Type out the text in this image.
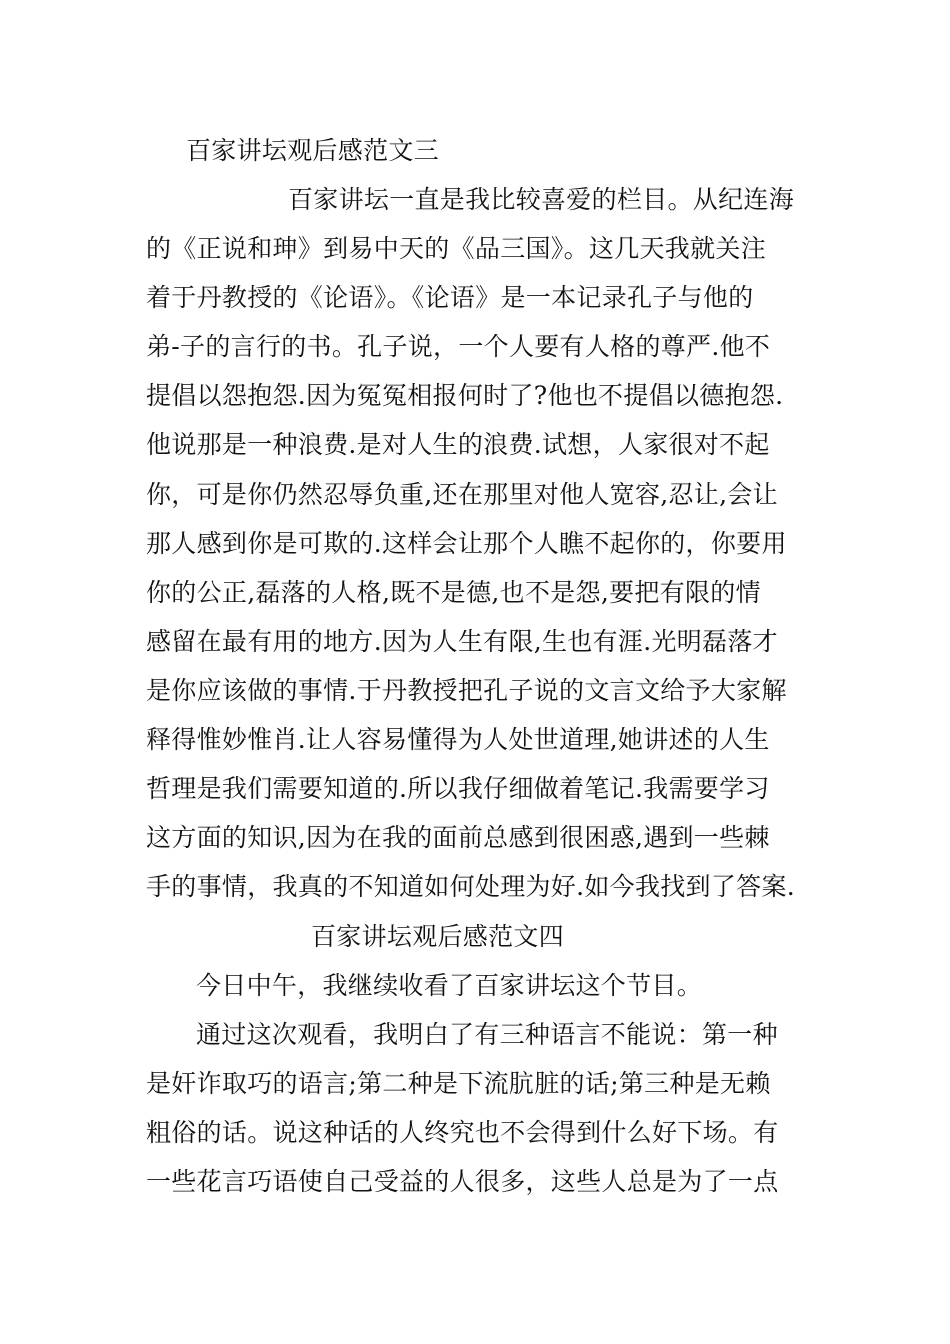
百家讲坛观后感范文三
百家讲坛一直是我比较喜爱的栏目。从纪连海
的《正说和珅》到易中天的《品三国》。这几天我就关注
着于丹教授的《论语》。《论语》是一本记录孔子与他的
弟-子的言行的书。孔子说，一个人要有人格的尊严.他不
提倡以怨抱怨.因为冤冤相报何时了?他也不提倡以德抱怨.
他说那是一种浪费.是对人生的浪费.试想，人家很对不起
你，可是你仍然忍辱负重,还在那里对他人宽容,忍让,会让
那人感到你是可欺的.这样会让那个人瞧不起你的，你要用
你的公正,磊落的人格,既不是德,也不是怨,要把有限的情
感留在最有用的地方.因为人生有限,生也有涯.光明磊落才
是你应该做的事情.于丹教授把孔子说的文言文给予大家解
释得惟妙惟肖.让人容易懂得为人处世道理,她讲述的人生
哲理是我们需要知道的.所以我仔细做着笔记.我需要学习
这方面的知识,因为在我的面前总感到很困惑,遇到一些棘
手的事情，我真的不知道如何处理为好.如今我找到了答案.
百家讲坛观后感范文四
今日中午，我继续收看了百家讲坛这个节目。
通过这次观看，我明白了有三种语言不能说：第一种
是奸诈取巧的语言;第二种是下流肮脏的话;第三种是无赖
粗俗的话。说这种话的人终究也不会得到什么好下场。有
一些花言巧语使自己受益的人很多，这些人总是为了一点
